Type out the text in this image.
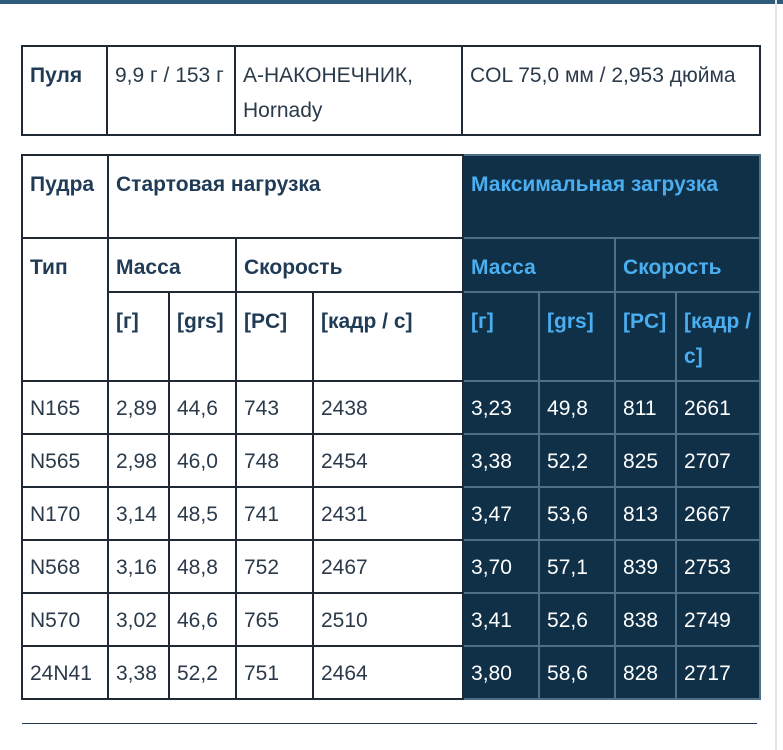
Пуля	9,9 г / 153 г	A-НАКОНЕЧНИК, Hornady	COL 75,0 мм / 2,953 дюйма
Пудра	Стартовая нагрузка				Максимальная загрузка			
Тип	Масса		Скорость		Масса		Скорость	
	[г]	[grs]	[PC]	[кадр / с]	[г]	[grs]	[PC]	[кадр / с]
N165	2,89	44,6	743	2438	3,23	49,8	811	2661
N565	2,98	46,0	748	2454	3,38	52,2	825	2707
N170	3,14	48,5	741	2431	3,47	53,6	813	2667
N568	3,16	48,8	752	2467	3,70	57,1	839	2753
N570	3,02	46,6	765	2510	3,41	52,6	838	2749
24N41	3,38	52,2	751	2464	3,80	58,6	828	2717
